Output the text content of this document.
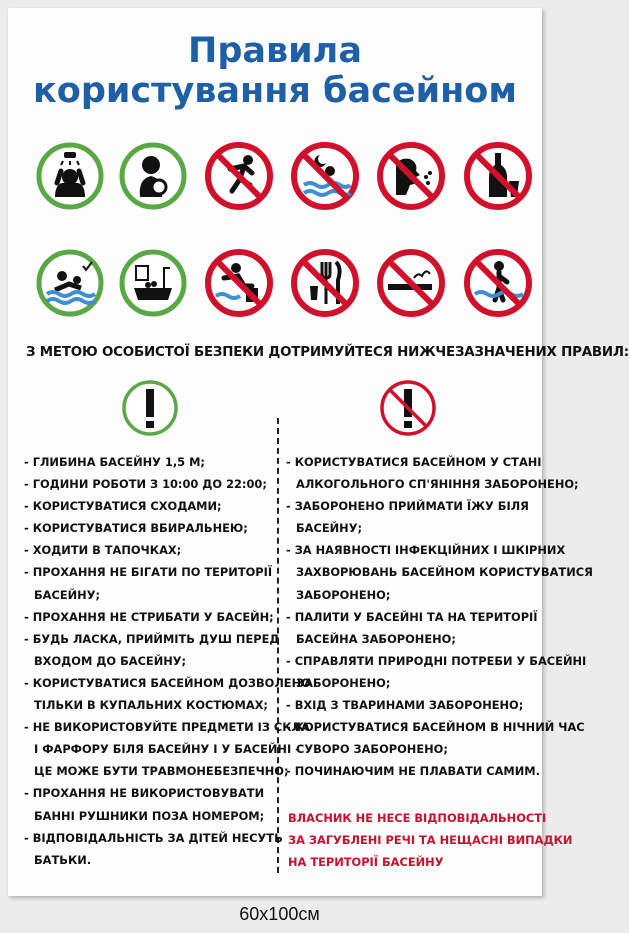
Правила
користування басейном
З МЕТОЮ ОСОБИСТОЇ БЕЗПЕКИ ДОТРИМУЙТЕСЯ НИЖЧЕЗАЗНАЧЕНИХ ПРАВИЛ:
- ГЛИБИНА БАСЕЙНУ 1,5 М;
- ГОДИНИ РОБОТИ З 10:00 ДО 22:00;
- КОРИСТУВАТИСЯ СХОДАМИ;
- КОРИСТУВАТИСЯ ВБИРАЛЬНЕЮ;
- ХОДИТИ В ТАПОЧКАХ;
- ПРОХАННЯ НЕ БІГАТИ ПО ТЕРИТОРІЇ
БАСЕЙНУ;
- ПРОХАННЯ НЕ СТРИБАТИ У БАСЕЙН;
- БУДЬ ЛАСКА, ПРИЙМІТЬ ДУШ ПЕРЕД
ВХОДОМ ДО БАСЕЙНУ;
- КОРИСТУВАТИСЯ БАСЕЙНОМ ДОЗВОЛЕНО
ТІЛЬКИ В КУПАЛЬНИХ КОСТЮМАХ;
- НЕ ВИКОРИСТОВУЙТЕ ПРЕДМЕТИ ІЗ СКЛА
І ФАРФОРУ БІЛЯ БАСЕЙНУ І У БАСЕЙНІ -
ЦЕ МОЖЕ БУТИ ТРАВМОНЕБЕЗПЕЧНО;
- ПРОХАННЯ НЕ ВИКОРИСТОВУВАТИ
БАННІ РУШНИКИ ПОЗА НОМЕРОМ;
- ВІДПОВІДАЛЬНІСТЬ ЗА ДІТЕЙ НЕСУТЬ
БАТЬКИ.
- КОРИСТУВАТИСЯ БАСЕЙНОМ У СТАНІ
АЛКОГОЛЬНОГО СП'ЯНІННЯ ЗАБОРОНЕНО;
- ЗАБОРОНЕНО ПРИЙМАТИ ЇЖУ БІЛЯ
БАСЕЙНУ;
- ЗА НАЯВНОСТІ ІНФЕКЦІЙНИХ І ШКІРНИХ
ЗАХВОРЮВАНЬ БАСЕЙНОМ КОРИСТУВАТИСЯ
ЗАБОРОНЕНО;
- ПАЛИТИ У БАСЕЙНІ ТА НА ТЕРИТОРІЇ
БАСЕЙНА ЗАБОРОНЕНО;
- СПРАВЛЯТИ ПРИРОДНІ ПОТРЕБИ У БАСЕЙНІ
ЗАБОРОНЕНО;
- ВХІД З ТВАРИНАМИ ЗАБОРОНЕНО;
- КОРИСТУВАТИСЯ БАСЕЙНОМ В НІЧНИЙ ЧАС
СУВОРО ЗАБОРОНЕНО;
- ПОЧИНАЮЧИМ НЕ ПЛАВАТИ САМИМ.
ВЛАСНИК НЕ НЕСЕ ВІДПОВІДАЛЬНОСТІ
ЗА ЗАГУБЛЕНІ РЕЧІ ТА НЕЩАСНІ ВИПАДКИ
НА ТЕРИТОРІЇ БАСЕЙНУ
60х100см
